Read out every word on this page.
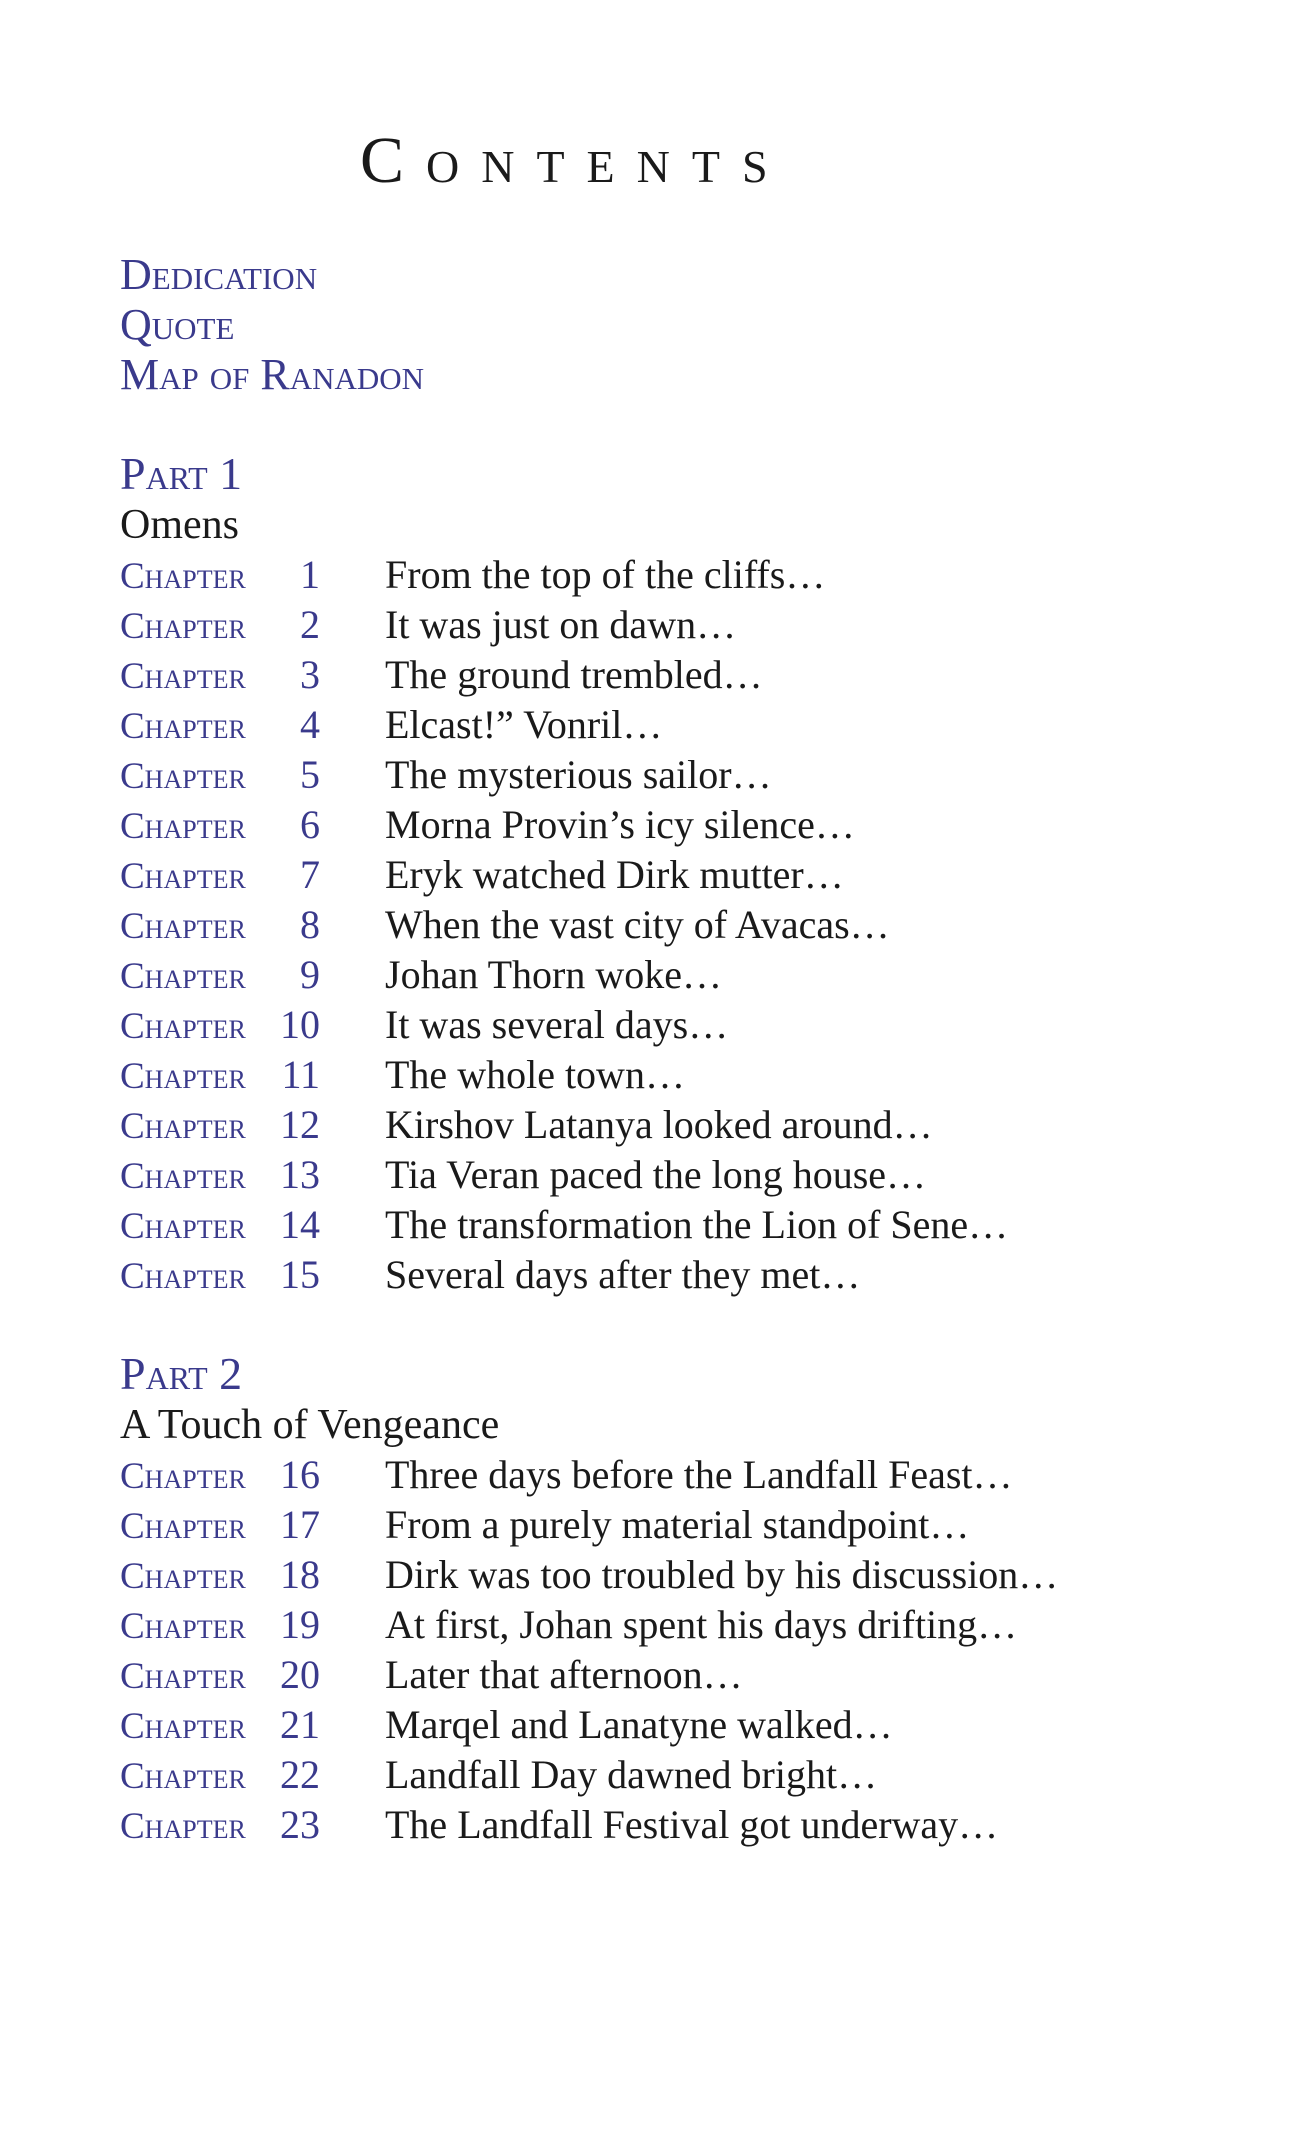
Contents
Dedication
Quote
Map of Ranadon
Part 1
Omens
Chapter	1 From the top of the cliffs…
Chapter	2 It was just on dawn…
Chapter	3 The ground trembled…
Chapter	4 Elcast!” Vonril…
Chapter	5 The mysterious sailor…
Chapter	6 Morna Provin’s icy silence…
Chapter	7 Eryk watched Dirk mutter…
Chapter	8 When the vast city of Avacas…
Chapter	9 Johan Thorn woke…
Chapter 10 It was several days…
Chapter 11 The whole town…
Chapter 12 Kirshov Latanya looked around…
Chapter 13 Tia Veran paced the long house…
Chapter 14 The transformation the Lion of Sene…
Chapter 15 Several days after they met…
Part 2
A Touch of Vengeance
Chapter 16 Three days before the Landfall Feast…
Chapter 17 From a purely material standpoint…
Chapter 18 Dirk was too troubled by his discussion…
Chapter 19 At first, Johan spent his days drifting…
Chapter 20 Later that afternoon…
Chapter 21 Marqel and Lanatyne walked…
Chapter 22 Landfall Day dawned bright…
Chapter 23 The Landfall Festival got underway…
